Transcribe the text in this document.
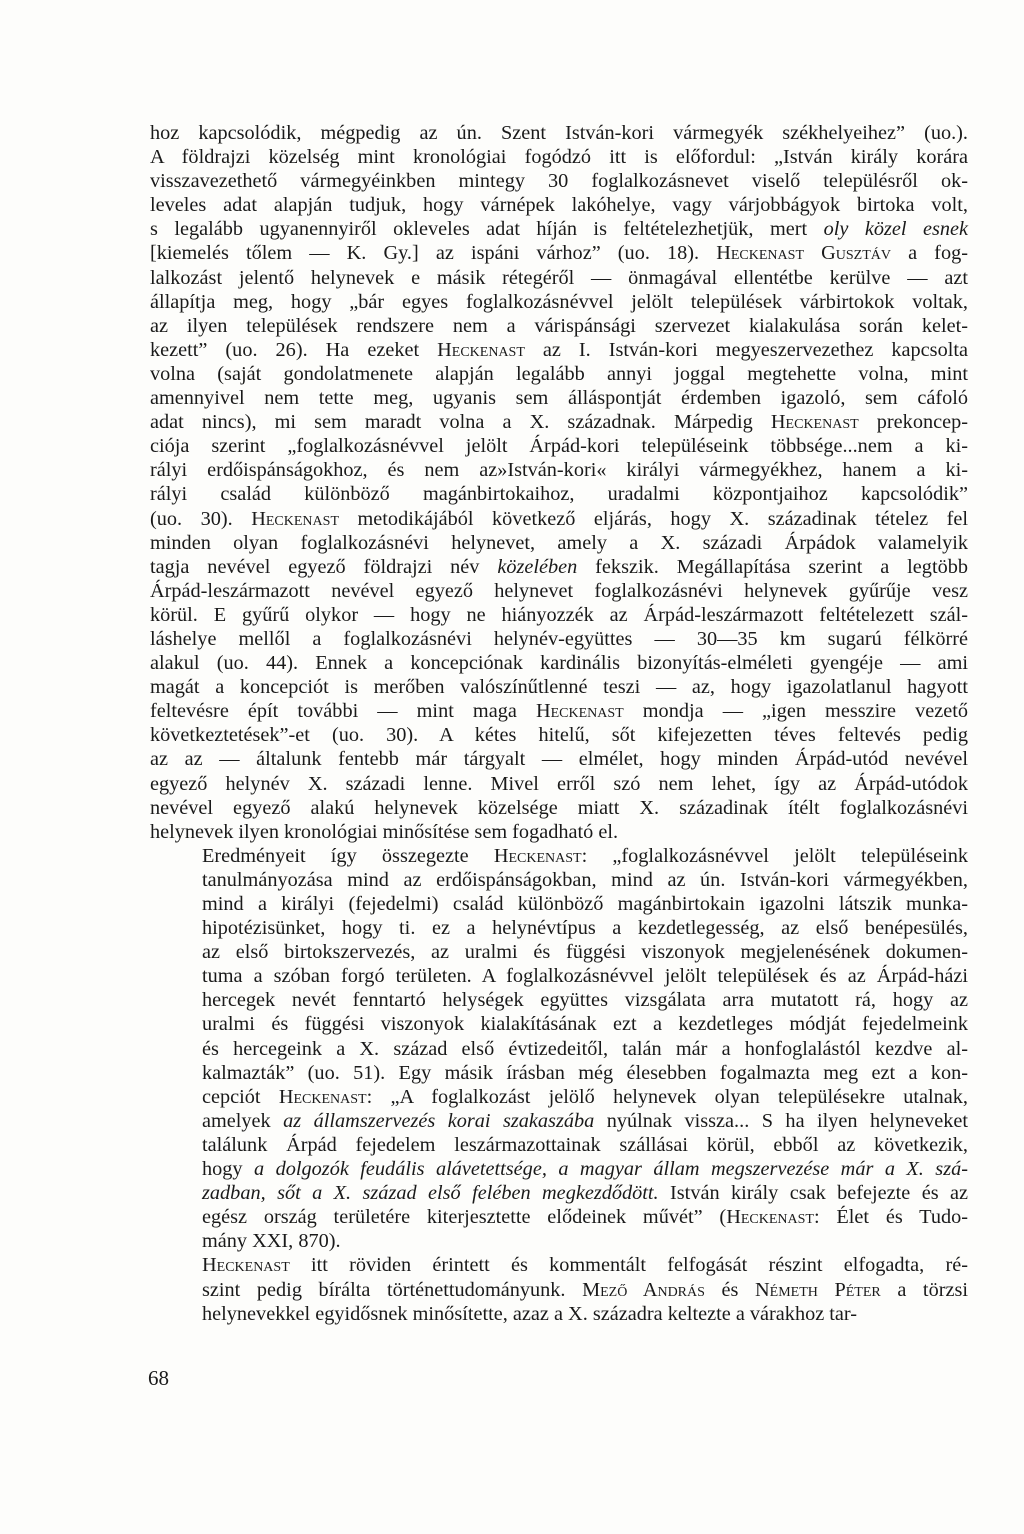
hoz kapcsolódik, mégpedig az ún. Szent István-kori vármegyék székhelyeihez” (uo.).
A földrajzi közelség mint kronológiai fogódzó itt is előfordul: „István király korára
visszavezethető vármegyéinkben mintegy 30 foglalkozásnevet viselő településről ok-
leveles adat alapján tudjuk, hogy várnépek lakóhelye, vagy várjobbágyok birtoka volt,
s legalább ugyanennyiről okleveles adat híján is feltételezhetjük, mert oly közel esnek
[kiemelés tőlem — K. Gy.] az ispáni várhoz” (uo. 18). Heckenast Gusztáv a fog-
lalkozást jelentő helynevek e másik rétegéről — önmagával ellentétbe kerülve — azt
állapítja meg, hogy „bár egyes foglalkozásnévvel jelölt települések várbirtokok voltak,
az ilyen települések rendszere nem a várispánsági szervezet kialakulása során kelet-
kezett” (uo. 26). Ha ezeket Heckenast az I. István-kori megyeszervezethez kapcsolta
volna (saját gondolatmenete alapján legalább annyi joggal megtehette volna, mint
amennyivel nem tette meg, ugyanis sem álláspontját érdemben igazoló, sem cáfoló
adat nincs), mi sem maradt volna a X. századnak. Márpedig Heckenast prekoncep-
ciója szerint „foglalkozásnévvel jelölt Árpád-kori településeink többsége...nem a ki-
rályi erdőispánságokhoz, és nem az»István-kori« királyi vármegyékhez, hanem a ki-
rályi család különböző magánbirtokaihoz, uradalmi központjaihoz kapcsolódik”
(uo. 30). Heckenast metodikájából következő eljárás, hogy X. századinak tételez fel
minden olyan foglalkozásnévi helynevet, amely a X. századi Árpádok valamelyik
tagja nevével egyező földrajzi név közelében fekszik. Megállapítása szerint a legtöbb
Árpád-leszármazott nevével egyező helynevet foglalkozásnévi helynevek gyűrűje vesz
körül. E gyűrű olykor — hogy ne hiányozzék az Árpád-leszármazott feltételezett szál-
láshelye mellől a foglalkozásnévi helynév-együttes — 30—35 km sugarú félkörré
alakul (uo. 44). Ennek a koncepciónak kardinális bizonyítás-elméleti gyengéje — ami
magát a koncepciót is merőben valószínűtlenné teszi — az, hogy igazolatlanul hagyott
feltevésre épít további — mint maga Heckenast mondja — „igen messzire vezető
következtetések”-et (uo. 30). A kétes hitelű, sőt kifejezetten téves feltevés pedig
az az — általunk fentebb már tárgyalt — elmélet, hogy minden Árpád-utód nevével
egyező helynév X. századi lenne. Mivel erről szó nem lehet, így az Árpád-utódok
nevével egyező alakú helynevek közelsége miatt X. századinak ítélt foglalkozásnévi
helynevek ilyen kronológiai minősítése sem fogadható el.
Eredményeit így összegezte Heckenast: „foglalkozásnévvel jelölt településeink
tanulmányozása mind az erdőispánságokban, mind az ún. István-kori vármegyékben,
mind a királyi (fejedelmi) család különböző magánbirtokain igazolni látszik munka-
hipotézisünket, hogy ti. ez a helynévtípus a kezdetlegesség, az első benépesülés,
az első birtokszervezés, az uralmi és függési viszonyok megjelenésének dokumen-
tuma a szóban forgó területen. A foglalkozásnévvel jelölt települések és az Árpád-házi
hercegek nevét fenntartó helységek együttes vizsgálata arra mutatott rá, hogy az
uralmi és függési viszonyok kialakításának ezt a kezdetleges módját fejedelmeink
és hercegeink a X. század első évtizedeitől, talán már a honfoglalástól kezdve al-
kalmazták” (uo. 51). Egy másik írásban még élesebben fogalmazta meg ezt a kon-
cepciót Heckenast: „A foglalkozást jelölő helynevek olyan településekre utalnak,
amelyek az államszervezés korai szakaszába nyúlnak vissza... S ha ilyen helyneveket
találunk Árpád fejedelem leszármazottainak szállásai körül, ebből az következik,
hogy a dolgozók feudális alávetettsége, a magyar állam megszervezése már a X. szá-
zadban, sőt a X. század első felében megkezdődött. István király csak befejezte és az
egész ország területére kiterjesztette elődeinek művét” (Heckenast: Élet és Tudo-
mány XXI, 870).
Heckenast itt röviden érintett és kommentált felfogását részint elfogadta, ré-
szint pedig bírálta történettudományunk. Mező András és Németh Péter a törzsi
helynevekkel egyidősnek minősítette, azaz a X. századra keltezte a várakhoz tar-
68
